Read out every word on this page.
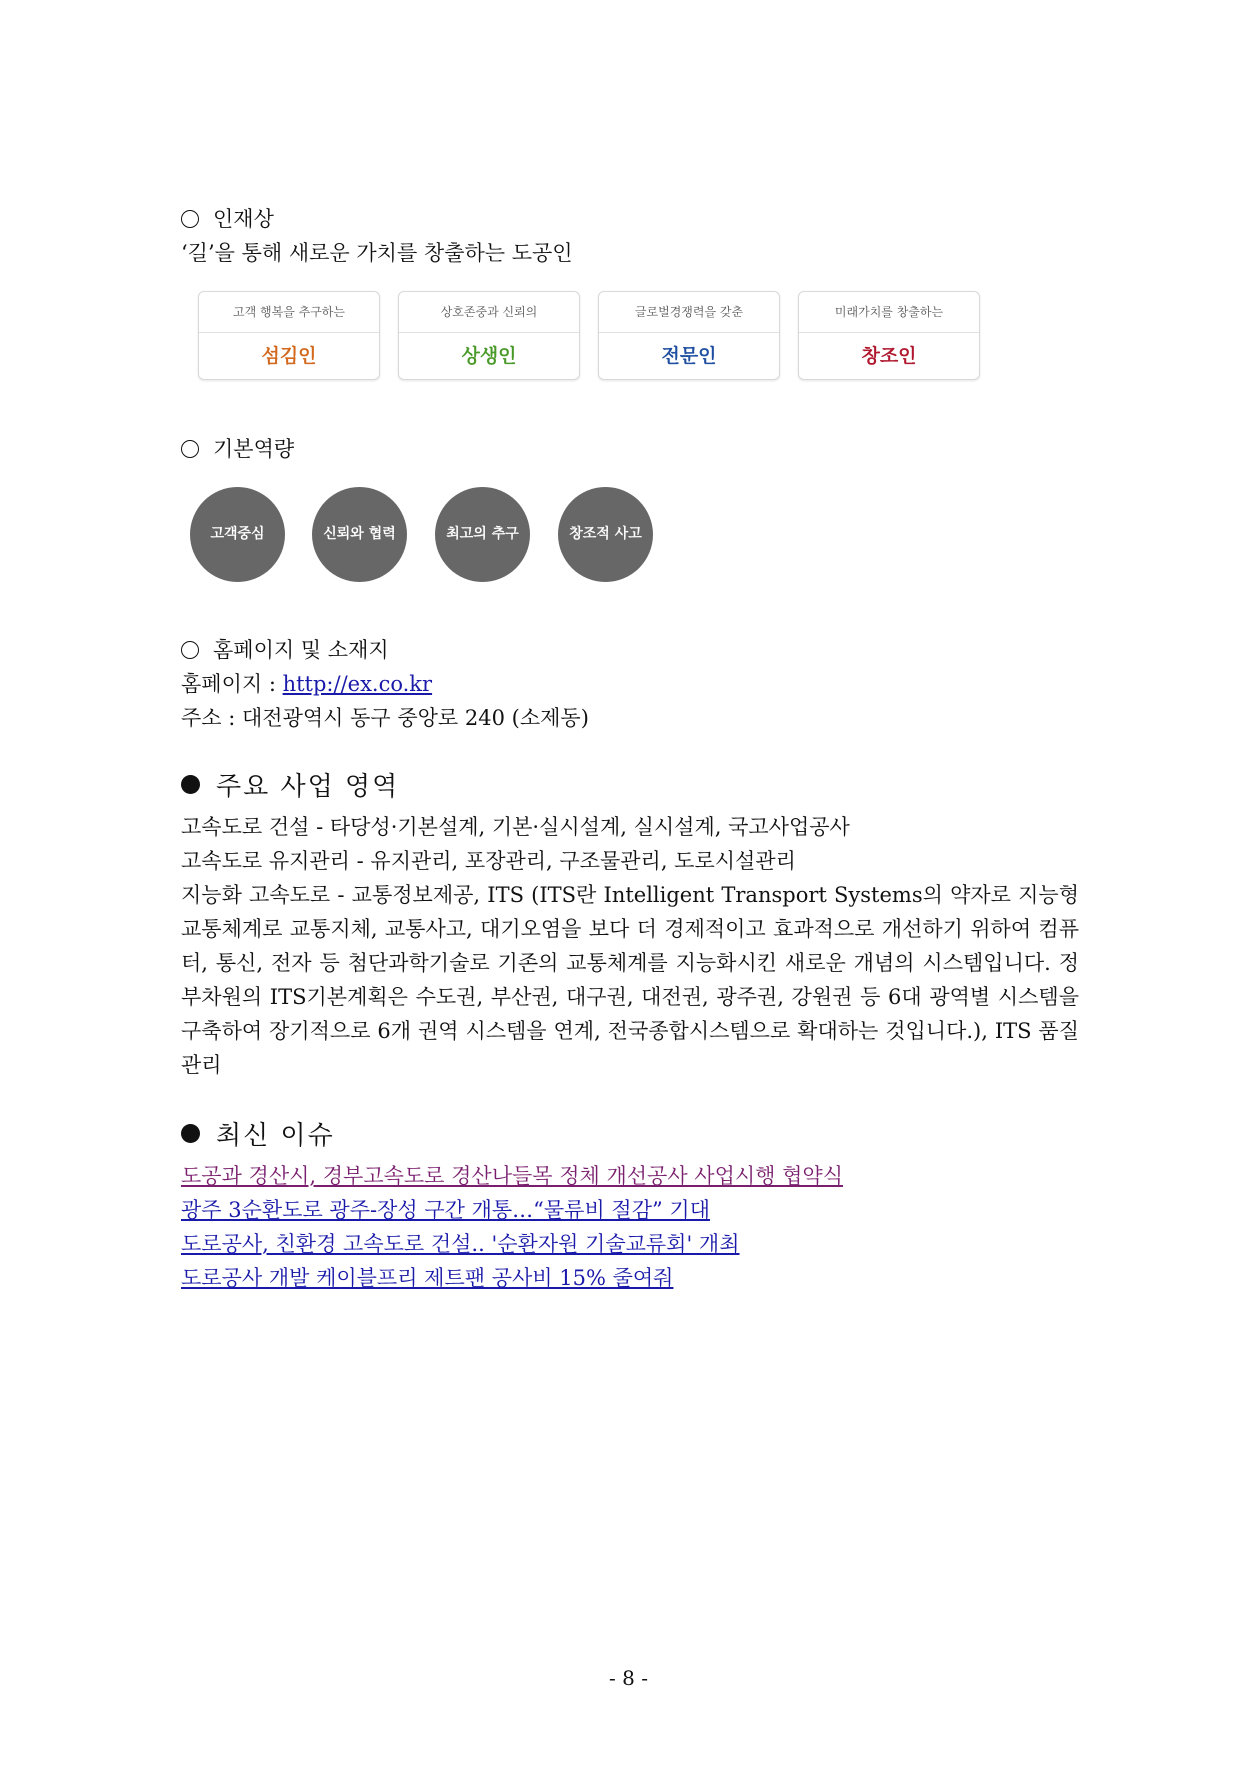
인재상
‘길’을 통해 새로운 가치를 창출하는 도공인
고객 행복을 추구하는
섬김인
상호존중과 신뢰의
상생인
글로벌경쟁력을 갖춘
전문인
미래가치를 창출하는
창조인
기본역량
고객중심	신뢰와 협력	최고의 추구	창조적 사고
홈페이지 및 소재지
홈페이지 : http://ex.co.kr
주소 : 대전광역시 동구 중앙로 240 (소제동)
주요 사업 영역
고속도로 건설 - 타당성·기본설계, 기본·실시설계, 실시설계, 국고사업공사
고속도로 유지관리 - 유지관리, 포장관리, 구조물관리, 도로시설관리
지능화 고속도로 - 교통정보제공, ITS (ITS란 Intelligent Transport Systems의 약자로 지능형 교통체계로 교통지체, 교통사고, 대기오염을 보다 더 경제적이고 효과적으로 개선하기 위하여 컴퓨터, 통신, 전자 등 첨단과학기술로 기존의 교통체계를 지능화시킨 새로운 개념의 시스템입니다. 정부차원의 ITS기본계획은 수도권, 부산권, 대구권, 대전권, 광주권, 강원권 등 6대 광역별 시스템을 구축하여 장기적으로 6개 권역 시스템을 연계, 전국종합시스템으로 확대하는 것입니다.), ITS 품질관리
최신 이슈
도공과 경산시, 경부고속도로 경산나들목 정체 개선공사 사업시행 협약식
광주 3순환도로 광주-장성 구간 개통…“물류비 절감” 기대
도로공사, 친환경 고속도로 건설.. '순환자원 기술교류회' 개최
도로공사 개발 케이블프리 제트팬 공사비 15% 줄여줘
- 8 -
